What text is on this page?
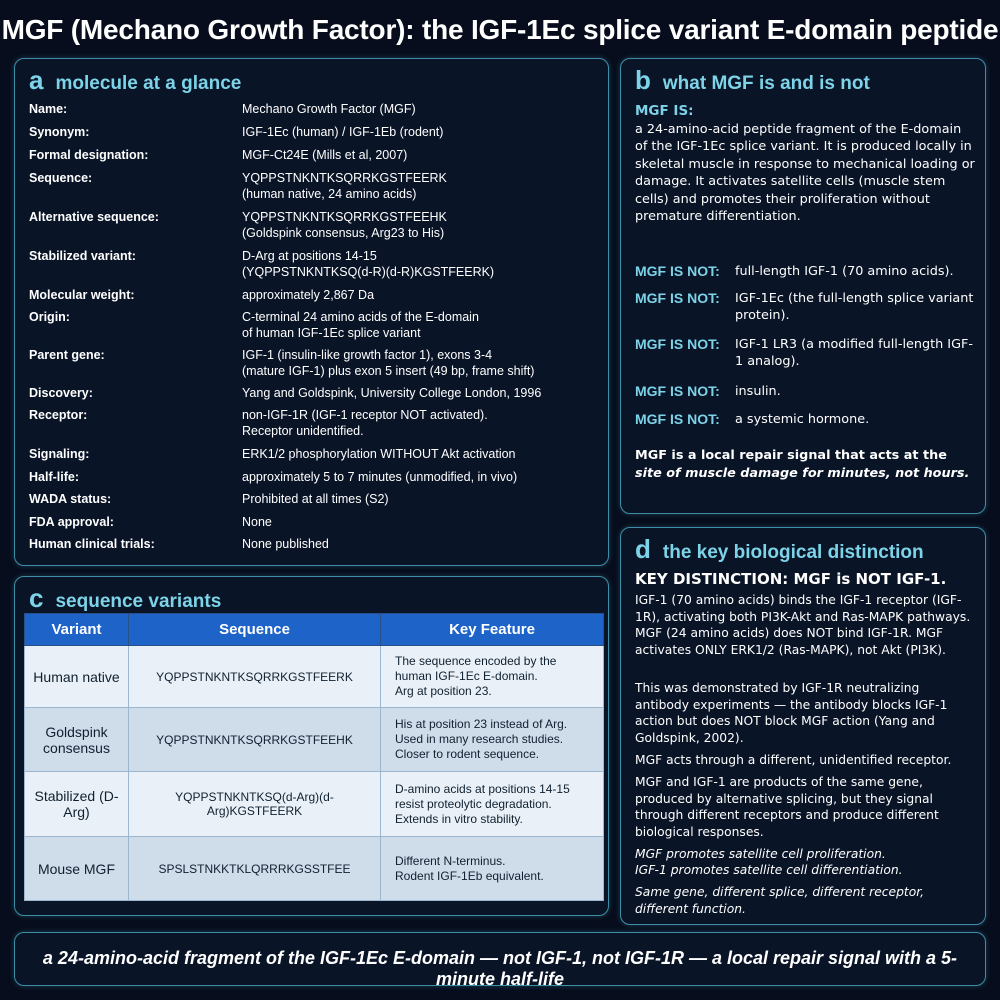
MGF (Mechano Growth Factor): the IGF-1Ec splice variant E-domain peptide
a molecule at a glance
Name:	Mechano Growth Factor (MGF)
Synonym:	IGF-1Ec (human) / IGF-1Eb (rodent)
Formal designation:	MGF-Ct24E (Mills et al, 2007)
Sequence:	YQPPSTNKNTKSQRRKGSTFEERK
(human native, 24 amino acids)
Alternative sequence:	YQPPSTNKNTKSQRRKGSTFEEHK
(Goldspink consensus, Arg23 to His)
Stabilized variant:	D-Arg at positions 14-15
(YQPPSTNKNTKSQ(d-R)(d-R)KGSTFEERK)
Molecular weight:	approximately 2,867 Da
Origin:	C-terminal 24 amino acids of the E-domain
of human IGF-1Ec splice variant
Parent gene:	IGF-1 (insulin-like growth factor 1), exons 3-4
(mature IGF-1) plus exon 5 insert (49 bp, frame shift)
Discovery:	Yang and Goldspink, University College London, 1996
Receptor:	non-IGF-1R (IGF-1 receptor NOT activated).
Receptor unidentified.
Signaling:	ERK1/2 phosphorylation WITHOUT Akt activation
Half-life:	approximately 5 to 7 minutes (unmodified, in vivo)
WADA status:	Prohibited at all times (S2)
FDA approval:	None
Human clinical trials:	None published
b what MGF is and is not
MGF IS:
a 24-amino-acid peptide fragment of the E-domain of the IGF-1Ec splice variant. It is produced locally in skeletal muscle in response to mechanical loading or damage. It activates satellite cells (muscle stem cells) and promotes their proliferation without premature differentiation.
MGF IS NOT: full-length IGF-1 (70 amino acids).
MGF IS NOT: IGF-1Ec (the full-length splice variant protein).
MGF IS NOT: IGF-1 LR3 (a modified full-length IGF-1 analog).
MGF IS NOT: insulin.
MGF IS NOT: a systemic hormone.
MGF is a local repair signal that acts at the
site of muscle damage for minutes, not hours.
c sequence variants
Variant	Sequence	Key Feature
Human native	YQPPSTNKNTKSQRRKGSTFEERK	The sequence encoded by the
human IGF-1Ec E-domain.
Arg at position 23.

Goldspink consensus	YQPPSTNKNTKSQRRKGSTFEEHK	His at position 23 instead of Arg.
Used in many research studies.
Closer to rodent sequence.

Stabilized (D-Arg)	YQPPSTNKNTKSQ(d-Arg)(d-Arg)KGSTFEERK	D-amino acids at positions 14-15
resist proteolytic degradation.
Extends in vitro stability.

Mouse MGF	SPSLSTNKKTKLQRRRKGSSTFEE	Different N-terminus.
Rodent IGF-1Eb equivalent.
d the key biological distinction
KEY DISTINCTION: MGF is NOT IGF-1.
IGF-1 (70 amino acids) binds the IGF-1 receptor (IGF-1R), activating both PI3K-Akt and Ras-MAPK pathways. MGF (24 amino acids) does NOT bind IGF-1R. MGF activates ONLY ERK1/2 (Ras-MAPK), not Akt (PI3K).
This was demonstrated by IGF-1R neutralizing antibody experiments — the antibody blocks IGF-1 action but does NOT block MGF action (Yang and Goldspink, 2002).
MGF acts through a different, unidentified receptor.
MGF and IGF-1 are products of the same gene, produced by alternative splicing, but they signal through different receptors and produce different biological responses.
MGF promotes satellite cell proliferation.
IGF-1 promotes satellite cell differentiation.
Same gene, different splice, different receptor, different function.
a 24-amino-acid fragment of the IGF-1Ec E-domain — not IGF-1, not IGF-1R — a local repair signal with a 5-minute half-life
